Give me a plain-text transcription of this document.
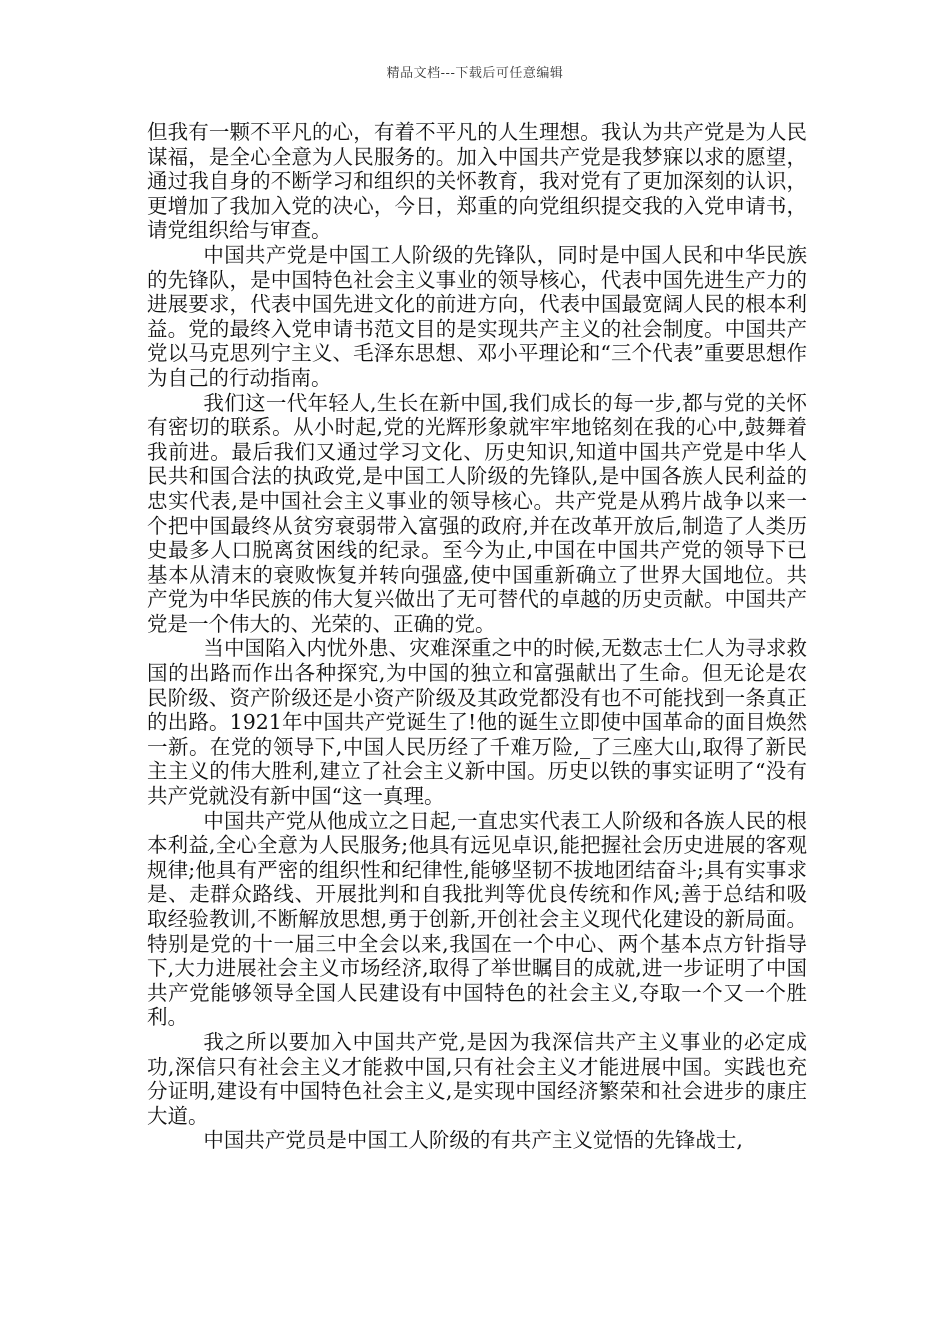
精品文档---下载后可任意编辑

但我有一颗不平凡的心，有着不平凡的人生理想。我认为共产党是为人民谋福，是全心全意为人民服务的。加入中国共产党是我梦寐以求的愿望，通过我自身的不断学习和组织的关怀教育，我对党有了更加深刻的认识，更增加了我加入党的决心，今日，郑重的向党组织提交我的入党申请书，请党组织给与审查。

中国共产党是中国工人阶级的先锋队，同时是中国人民和中华民族的先锋队，是中国特色社会主义事业的领导核心，代表中国先进生产力的进展要求，代表中国先进文化的前进方向，代表中国最宽阔人民的根本利益。党的最终入党申请书范文目的是实现共产主义的社会制度。中国共产党以马克思列宁主义、毛泽东思想、邓小平理论和“三个代表”重要思想作为自己的行动指南。

我们这一代年轻人,生长在新中国,我们成长的每一步,都与党的关怀有密切的联系。从小时起,党的光辉形象就牢牢地铭刻在我的心中,鼓舞着我前进。最后我们又通过学习文化、历史知识,知道中国共产党是中华人民共和国合法的执政党,是中国工人阶级的先锋队,是中国各族人民利益的忠实代表,是中国社会主义事业的领导核心。共产党是从鸦片战争以来一个把中国最终从贫穷衰弱带入富强的政府,并在改革开放后,制造了人类历史最多人口脱离贫困线的纪录。至今为止,中国在中国共产党的领导下已基本从清末的衰败恢复并转向强盛,使中国重新确立了世界大国地位。共产党为中华民族的伟大复兴做出了无可替代的卓越的历史贡献。中国共产党是一个伟大的、光荣的、正确的党。

当中国陷入内忧外患、灾难深重之中的时候,无数志士仁人为寻求救国的出路而作出各种探究,为中国的独立和富强献出了生命。但无论是农民阶级、资产阶级还是小资产阶级及其政党都没有也不可能找到一条真正的出路。1921年中国共产党诞生了!他的诞生立即使中国革命的面目焕然一新。在党的领导下,中国人民历经了千难万险,_了三座大山,取得了新民主主义的伟大胜利,建立了社会主义新中国。历史以铁的事实证明了“没有共产党就没有新中国“这一真理。

中国共产党从他成立之日起,一直忠实代表工人阶级和各族人民的根本利益,全心全意为人民服务;他具有远见卓识,能把握社会历史进展的客观规律;他具有严密的组织性和纪律性,能够坚韧不拔地团结奋斗;具有实事求是、走群众路线、开展批判和自我批判等优良传统和作风;善于总结和吸取经验教训,不断解放思想,勇于创新,开创社会主义现代化建设的新局面。特别是党的十一届三中全会以来,我国在一个中心、两个基本点方针指导下,大力进展社会主义市场经济,取得了举世瞩目的成就,进一步证明了中国共产党能够领导全国人民建设有中国特色的社会主义,夺取一个又一个胜利。

我之所以要加入中国共产党,是因为我深信共产主义事业的必定成功,深信只有社会主义才能救中国,只有社会主义才能进展中国。实践也充分证明,建设有中国特色社会主义,是实现中国经济繁荣和社会进步的康庄大道。

中国共产党员是中国工人阶级的有共产主义觉悟的先锋战士,
